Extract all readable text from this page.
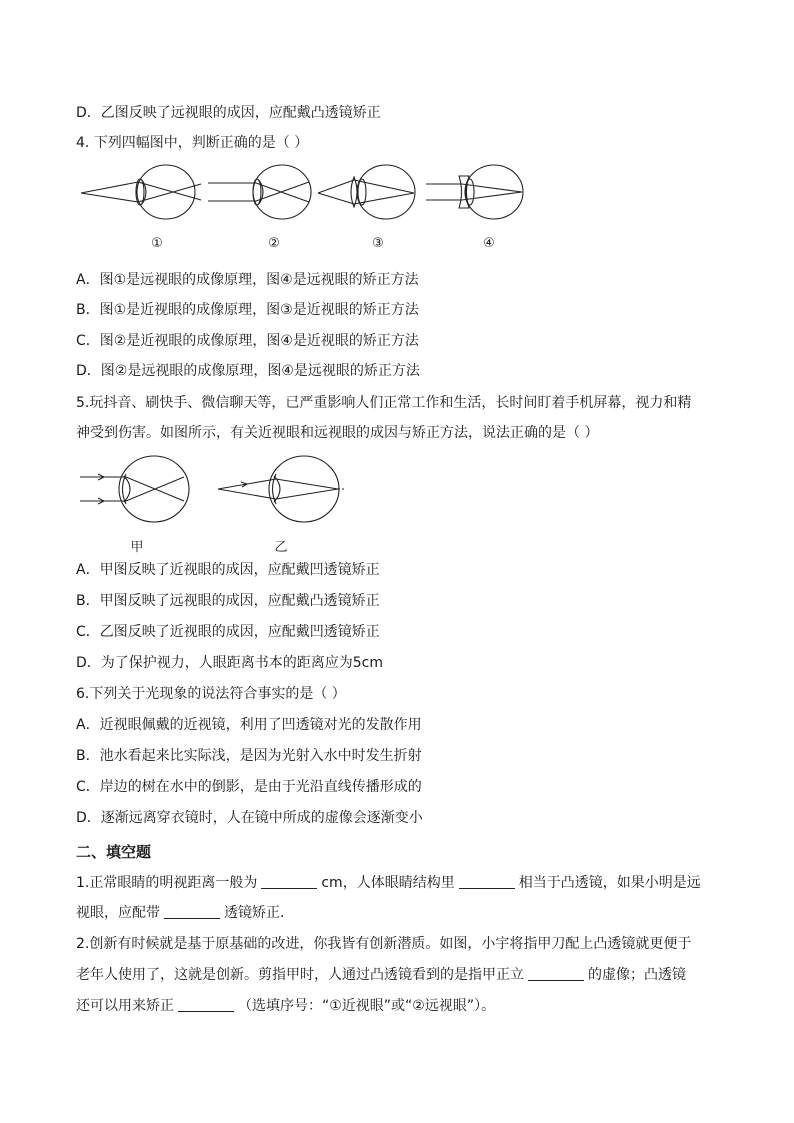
D．乙图反映了远视眼的成因，应配戴凸透镜矫正
4. 下列四幅图中，判断正确的是（ ）
①	②	③	④
A．图①是远视眼的成像原理，图④是远视眼的矫正方法
B．图①是近视眼的成像原理，图③是近视眼的矫正方法
C．图②是近视眼的成像原理，图④是近视眼的矫正方法
D．图②是远视眼的成像原理，图④是远视眼的矫正方法
5.玩抖音、刷快手、微信聊天等，已严重影响人们正常工作和生活，长时间盯着手机屏幕，视力和精
神受到伤害。如图所示，有关近视眼和远视眼的成因与矫正方法，说法正确的是（ ）
甲	乙
A．甲图反映了近视眼的成因，应配戴凹透镜矫正
B．甲图反映了远视眼的成因，应配戴凸透镜矫正
C．乙图反映了近视眼的成因，应配戴凹透镜矫正
D．为了保护视力，人眼距离书本的距离应为5cm
6.下列关于光现象的说法符合事实的是（ ）
A．近视眼佩戴的近视镜，利用了凹透镜对光的发散作用
B．池水看起来比实际浅，是因为光射入水中时发生折射
C．岸边的树在水中的倒影，是由于光沿直线传播形成的
D．逐渐远离穿衣镜时，人在镜中所成的虚像会逐渐变小
二、填空题
1.正常眼睛的明视距离一般为	cm，人体眼睛结构里	相当于凸透镜，如果小明是远
视眼，应配带	透镜矫正．
2.创新有时候就是基于原基础的改进，你我皆有创新潜质。如图，小宇将指甲刀配上凸透镜就更便于
老年人使用了，这就是创新。剪指甲时，人通过凸透镜看到的是指甲正立	的虚像；凸透镜
还可以用来矫正	（选填序号：“①近视眼”或“②远视眼”）。
